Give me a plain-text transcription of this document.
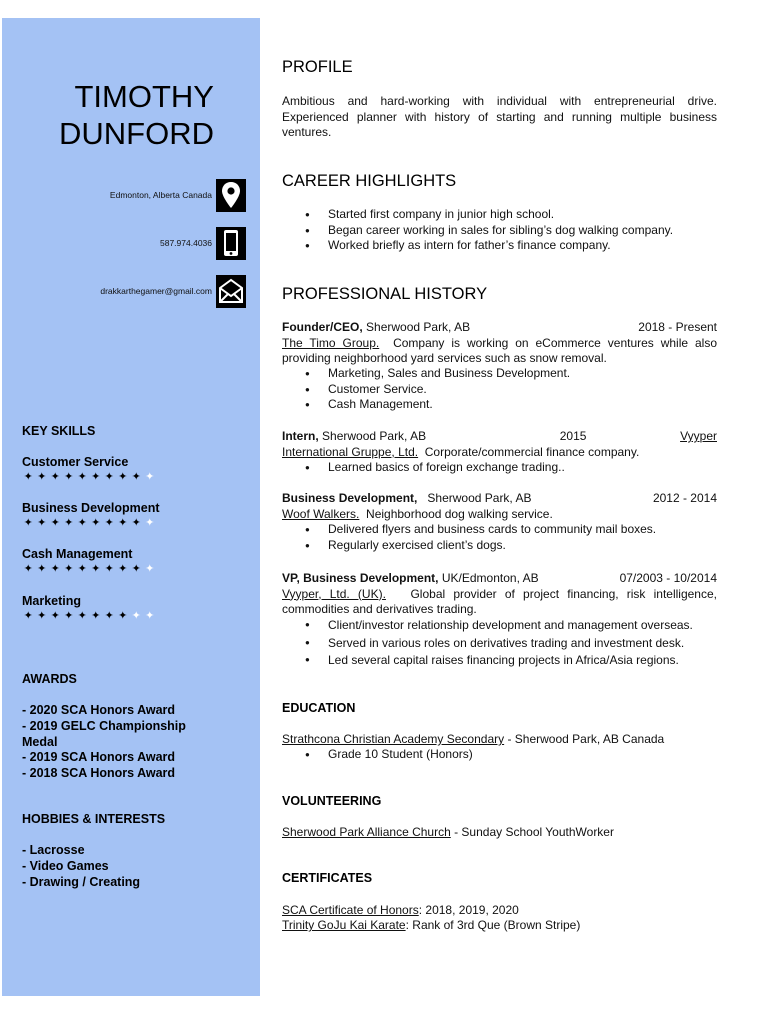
TIMOTHY
DUNFORD
Edmonton, Alberta Canada
587.974.4036
drakkarthegamer@gmail.com
KEY SKILLS
Customer Service
✦ ✦ ✦ ✦ ✦ ✦ ✦ ✦ ✦ ✦
Business Development
✦ ✦ ✦ ✦ ✦ ✦ ✦ ✦ ✦ ✦
Cash Management
✦ ✦ ✦ ✦ ✦ ✦ ✦ ✦ ✦ ✦
Marketing
✦ ✦ ✦ ✦ ✦ ✦ ✦ ✦ ✦ ✦
AWARDS
- 2020 SCA Honors Award
- 2019 GELC Championship Medal
- 2019 SCA Honors Award
- 2018 SCA Honors Award
HOBBIES & INTERESTS
- Lacrosse
- Video Games
- Drawing / Creating
PROFILE
Ambitious and hard-working with individual with entrepreneurial drive. Experienced planner with history of starting and running multiple business ventures.
CAREER HIGHLIGHTS
● Started first company in junior high school.
● Began career working in sales for sibling’s dog walking company.
● Worked briefly as intern for father’s finance company.
PROFESSIONAL HISTORY
Founder/CEO, Sherwood Park, AB	2018 - Present
The Timo Group. Company is working on eCommerce ventures while also providing neighborhood yard services such as snow removal.
● Marketing, Sales and Business Development.
● Customer Service.
● Cash Management.
Intern, Sherwood Park, AB	2015	Vyyper
International Gruppe, Ltd. Corporate/commercial finance company.
● Learned basics of foreign exchange trading..
Business Development, Sherwood Park, AB	2012 - 2014
Woof Walkers. Neighborhood dog walking service.
● Delivered flyers and business cards to community mail boxes.
● Regularly exercised client’s dogs.
VP, Business Development, UK/Edmonton, AB	07/2003 - 10/2014
Vyyper, Ltd. (UK). Global provider of project financing, risk intelligence, commodities and derivatives trading.
● Client/investor relationship development and management overseas.
● Served in various roles on derivatives trading and investment desk.
● Led several capital raises financing projects in Africa/Asia regions.
EDUCATION
Strathcona Christian Academy Secondary - Sherwood Park, AB Canada
● Grade 10 Student (Honors)
VOLUNTEERING
Sherwood Park Alliance Church - Sunday School YouthWorker
CERTIFICATES
SCA Certificate of Honors: 2018, 2019, 2020
Trinity GoJu Kai Karate: Rank of 3rd Que (Brown Stripe)
